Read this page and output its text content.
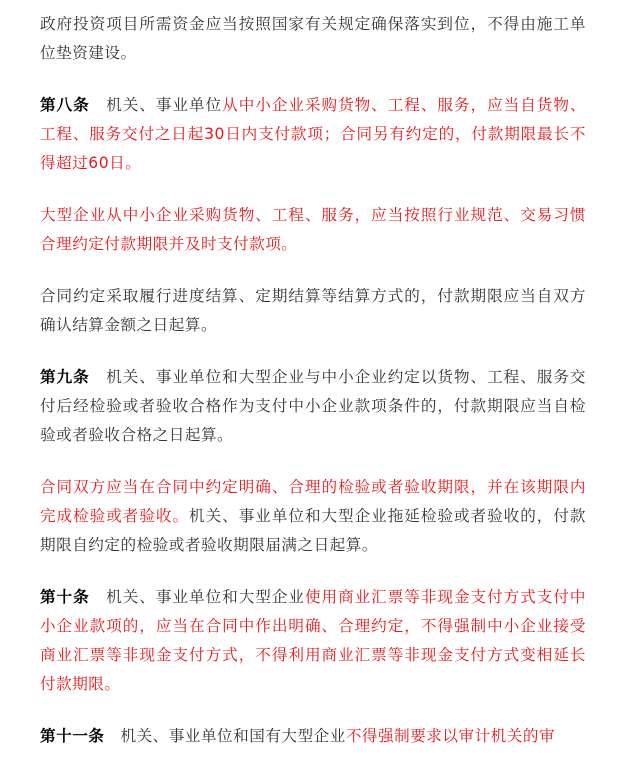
政府投资项目所需资金应当按照国家有关规定确保落实到位，不得由施工单位垫资建设。

第八条　机关、事业单位从中小企业采购货物、工程、服务，应当自货物、工程、服务交付之日起30日内支付款项；合同另有约定的，付款期限最长不得超过60日。

大型企业从中小企业采购货物、工程、服务，应当按照行业规范、交易习惯合理约定付款期限并及时支付款项。

合同约定采取履行进度结算、定期结算等结算方式的，付款期限应当自双方确认结算金额之日起算。

第九条　机关、事业单位和大型企业与中小企业约定以货物、工程、服务交付后经检验或者验收合格作为支付中小企业款项条件的，付款期限应当自检验或者验收合格之日起算。

合同双方应当在合同中约定明确、合理的检验或者验收期限，并在该期限内完成检验或者验收。机关、事业单位和大型企业拖延检验或者验收的，付款期限自约定的检验或者验收期限届满之日起算。

第十条　机关、事业单位和大型企业使用商业汇票等非现金支付方式支付中小企业款项的，应当在合同中作出明确、合理约定，不得强制中小企业接受商业汇票等非现金支付方式，不得利用商业汇票等非现金支付方式变相延长付款期限。

第十一条　机关、事业单位和国有大型企业不得强制要求以审计机关的审
